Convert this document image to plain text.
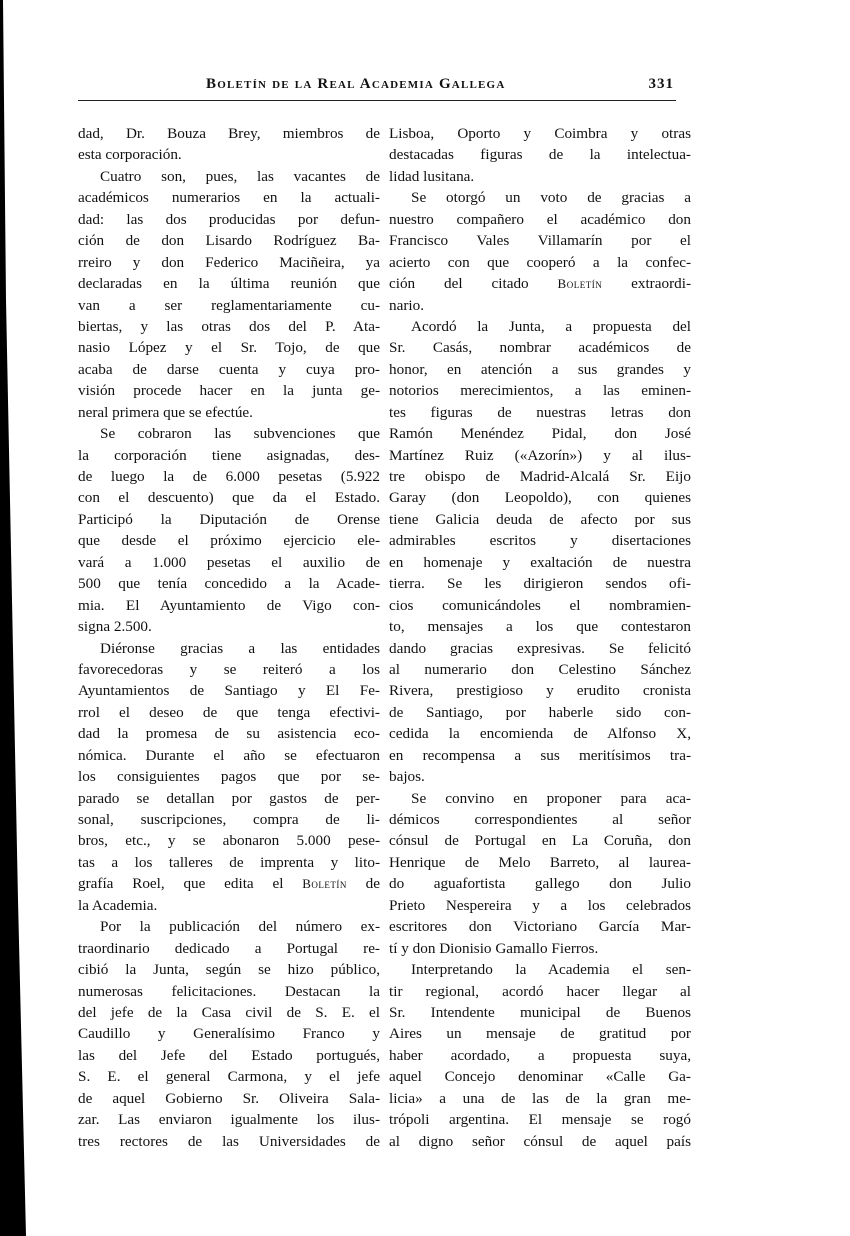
Boletín de la Real Academia Gallega	331
dad, Dr. Bouza Brey, miembros de
esta corporación.
Cuatro son, pues, las vacantes de
académicos numerarios en la actuali-
dad: las dos producidas por defun-
ción de don Lisardo Rodríguez Ba-
rreiro y don Federico Maciñeira, ya
declaradas en la última reunión que
van a ser reglamentariamente cu-
biertas, y las otras dos del P. Ata-
nasio López y el Sr. Tojo, de que
acaba de darse cuenta y cuya pro-
visión procede hacer en la junta ge-
neral primera que se efectúe.
Se cobraron las subvenciones que
la corporación tiene asignadas, des-
de luego la de 6.000 pesetas (5.922
con el descuento) que da el Estado.
Participó la Diputación de Orense
que desde el próximo ejercicio ele-
vará a 1.000 pesetas el auxilio de
500 que tenía concedido a la Acade-
mia. El Ayuntamiento de Vigo con-
signa 2.500.
Diéronse gracias a las entidades
favorecedoras y se reiteró a los
Ayuntamientos de Santiago y El Fe-
rrol el deseo de que tenga efectivi-
dad la promesa de su asistencia eco-
nómica. Durante el año se efectuaron
los consiguientes pagos que por se-
parado se detallan por gastos de per-
sonal, suscripciones, compra de li-
bros, etc., y se abonaron 5.000 pese-
tas a los talleres de imprenta y lito-
grafía Roel, que edita el Boletín de
la Academia.
Por la publicación del número ex-
traordinario dedicado a Portugal re-
cibió la Junta, según se hizo público,
numerosas felicitaciones. Destacan la
del jefe de la Casa civil de S. E. el
Caudillo y Generalísimo Franco y
las del Jefe del Estado portugués,
S. E. el general Carmona, y el jefe
de aquel Gobierno Sr. Oliveira Sala-
zar. Las enviaron igualmente los ilus-
tres rectores de las Universidades de
Lisboa, Oporto y Coimbra y otras
destacadas figuras de la intelectua-
lidad lusitana.
Se otorgó un voto de gracias a
nuestro compañero el académico don
Francisco Vales Villamarín por el
acierto con que cooperó a la confec-
ción del citado Boletín extraordi-
nario.
Acordó la Junta, a propuesta del
Sr. Casás, nombrar académicos de
honor, en atención a sus grandes y
notorios merecimientos, a las eminen-
tes figuras de nuestras letras don
Ramón Menéndez Pidal, don José
Martínez Ruiz («Azorín») y al ilus-
tre obispo de Madrid-Alcalá Sr. Eijo
Garay (don Leopoldo), con quienes
tiene Galicia deuda de afecto por sus
admirables escritos y disertaciones
en homenaje y exaltación de nuestra
tierra. Se les dirigieron sendos ofi-
cios comunicándoles el nombramien-
to, mensajes a los que contestaron
dando gracias expresivas. Se felicitó
al numerario don Celestino Sánchez
Rivera, prestigioso y erudito cronista
de Santiago, por haberle sido con-
cedida la encomienda de Alfonso X,
en recompensa a sus meritísimos tra-
bajos.
Se convino en proponer para aca-
démicos correspondientes al señor
cónsul de Portugal en La Coruña, don
Henrique de Melo Barreto, al laurea-
do aguafortista gallego don Julio
Prieto Nespereira y a los celebrados
escritores don Victoriano García Mar-
tí y don Dionisio Gamallo Fierros.
Interpretando la Academia el sen-
tir regional, acordó hacer llegar al
Sr. Intendente municipal de Buenos
Aires un mensaje de gratitud por
haber acordado, a propuesta suya,
aquel Concejo denominar «Calle Ga-
licia» a una de las de la gran me-
trópoli argentina. El mensaje se rogó
al digno señor cónsul de aquel país
